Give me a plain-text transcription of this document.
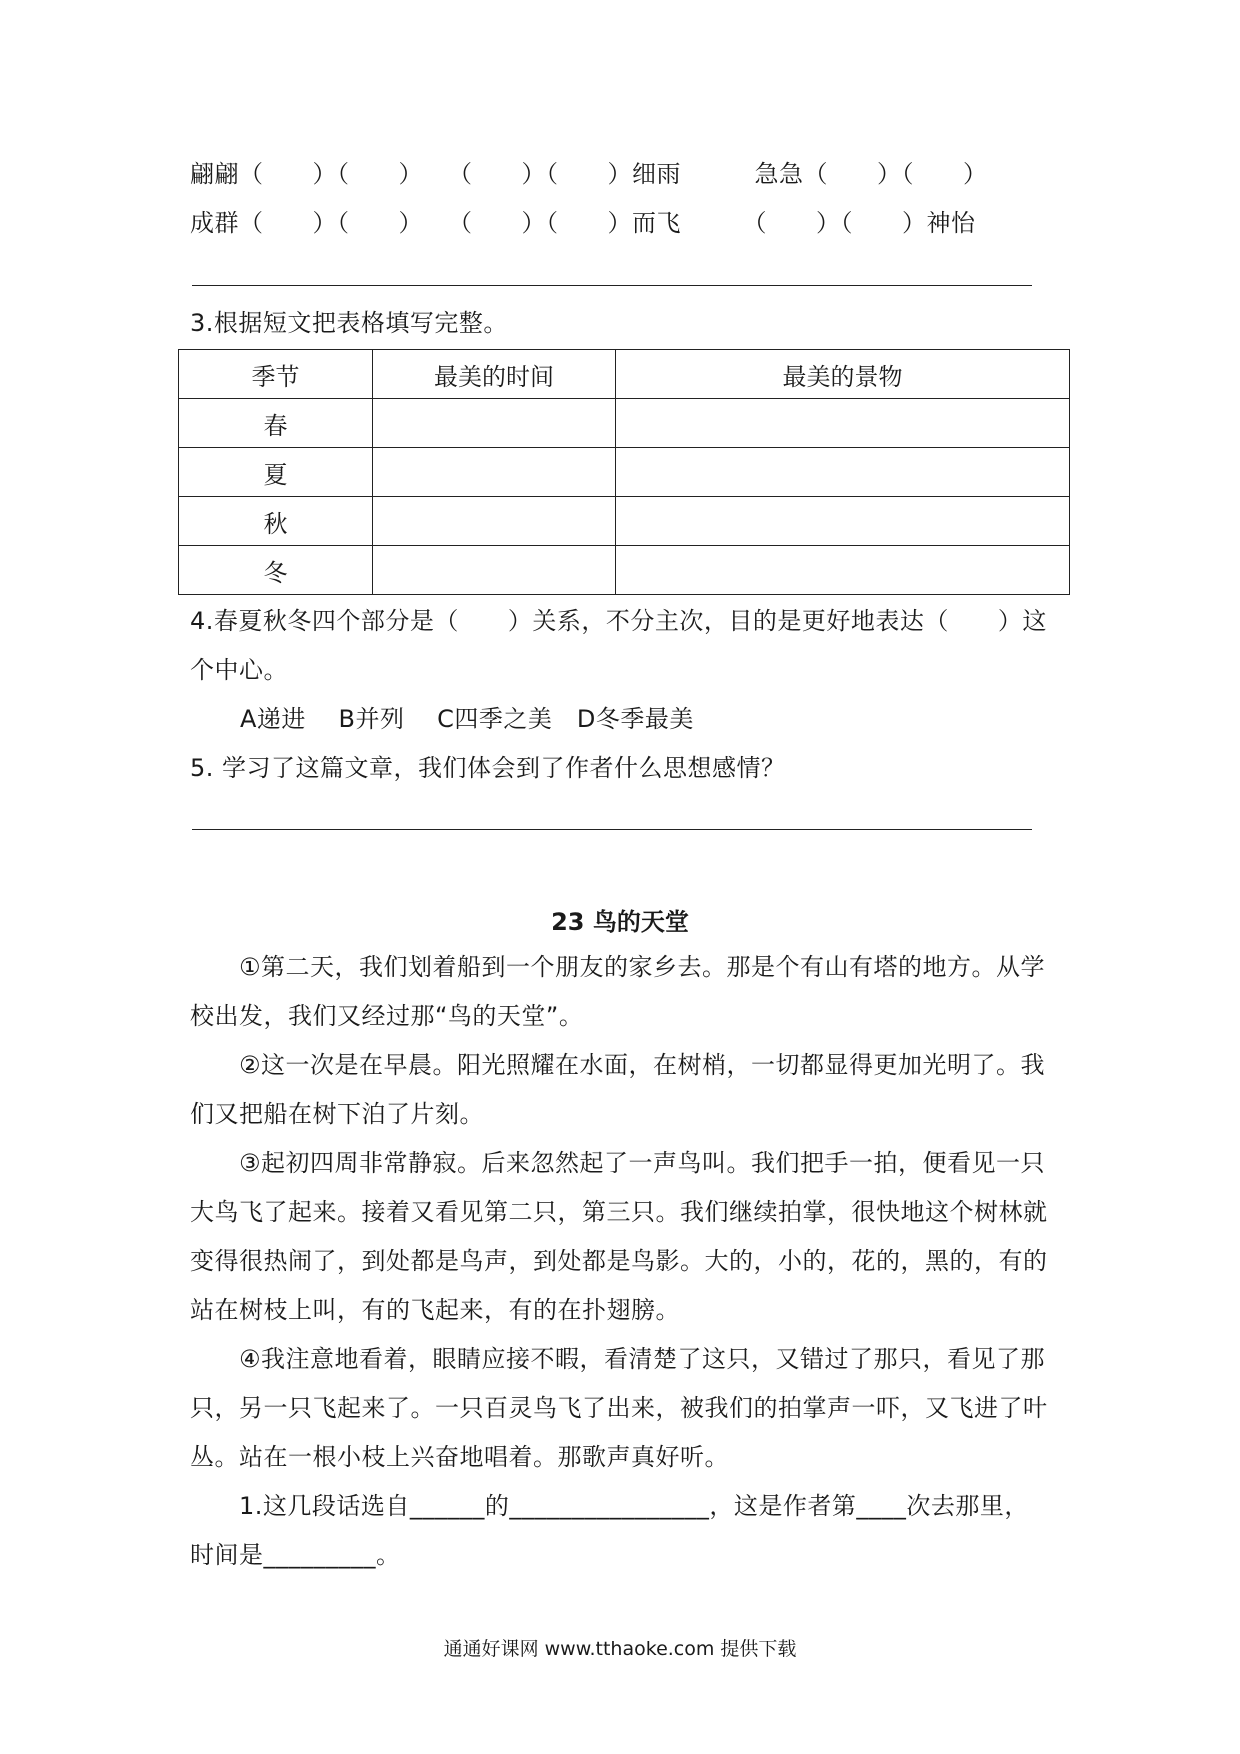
翩翩（　　）（　　）　　（　　）（　　）细雨　　　急急（　　）（　　）
成群（　　）（　　）　　（　　）（　　）而飞　　　（　　）（　　）神怡
3.根据短文把表格填写完整。
季节	最美的时间	最美的景物
春		
夏		
秋		
冬		
4.春夏秋冬四个部分是（　　）关系，不分主次，目的是更好地表达（　　）这
个中心。
A递进　 B并列　 C四季之美　D冬季最美
5. 学习了这篇文章，我们体会到了作者什么思想感情？
23 鸟的天堂
　　①第二天，我们划着船到一个朋友的家乡去。那是个有山有塔的地方。从学
校出发，我们又经过那“鸟的天堂”。
　　②这一次是在早晨。阳光照耀在水面，在树梢，一切都显得更加光明了。我
们又把船在树下泊了片刻。
　　③起初四周非常静寂。后来忽然起了一声鸟叫。我们把手一拍，便看见一只
大鸟飞了起来。接着又看见第二只，第三只。我们继续拍掌，很快地这个树林就
变得很热闹了，到处都是鸟声，到处都是鸟影。大的，小的，花的，黑的，有的
站在树枝上叫，有的飞起来，有的在扑翅膀。
　　④我注意地看着，眼睛应接不暇，看清楚了这只，又错过了那只，看见了那
只，另一只飞起来了。一只百灵鸟飞了出来，被我们的拍掌声一吓，又飞进了叶
丛。站在一根小枝上兴奋地唱着。那歌声真好听。
　　1.这几段话选自______的________________，这是作者第____次去那里，
时间是_________。
通通好课网 www.tthaoke.com 提供下载
